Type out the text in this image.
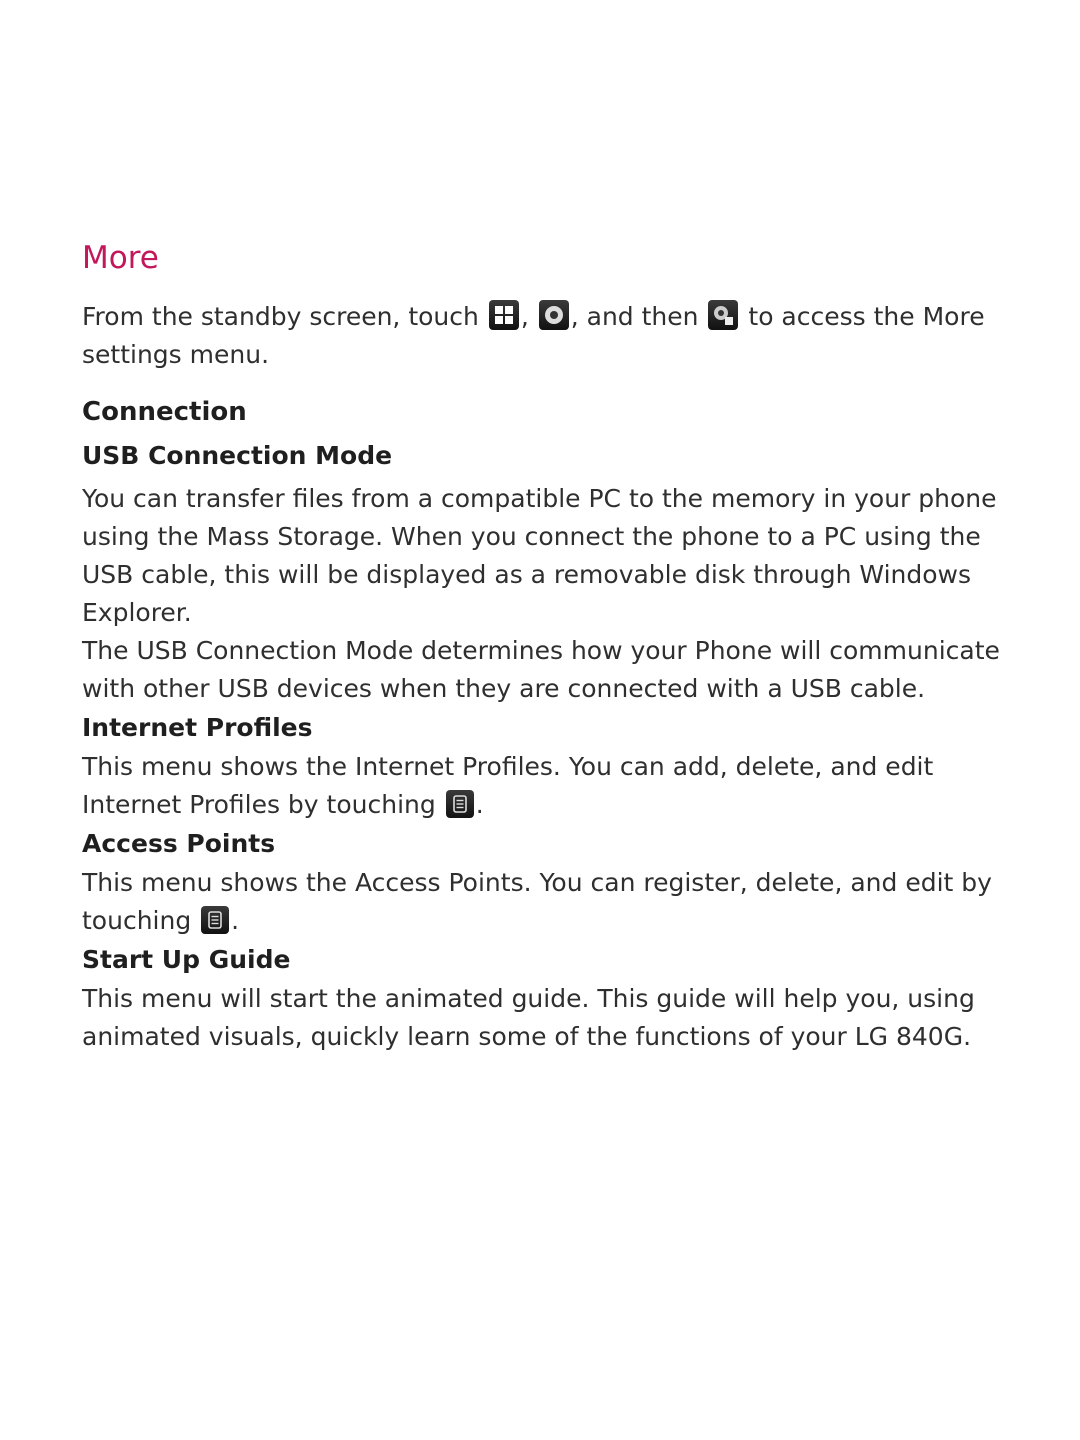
More

From the standby screen, touch , , and then to access the More
settings menu.

Connection
USB Connection Mode

You can transfer files from a compatible PC to the memory in your phone
using the Mass Storage. When you connect the phone to a PC using the
USB cable, this will be displayed as a removable disk through Windows
Explorer.

The USB Connection Mode determines how your Phone will communicate
with other USB devices when they are connected with a USB cable.

Internet Profiles

This menu shows the Internet Profiles. You can add, delete, and edit
Internet Profiles by touching .

Access Points

This menu shows the Access Points. You can register, delete, and edit by
touching .

Start Up Guide

This menu will start the animated guide. This guide will help you, using
animated visuals, quickly learn some of the functions of your LG 840G.
